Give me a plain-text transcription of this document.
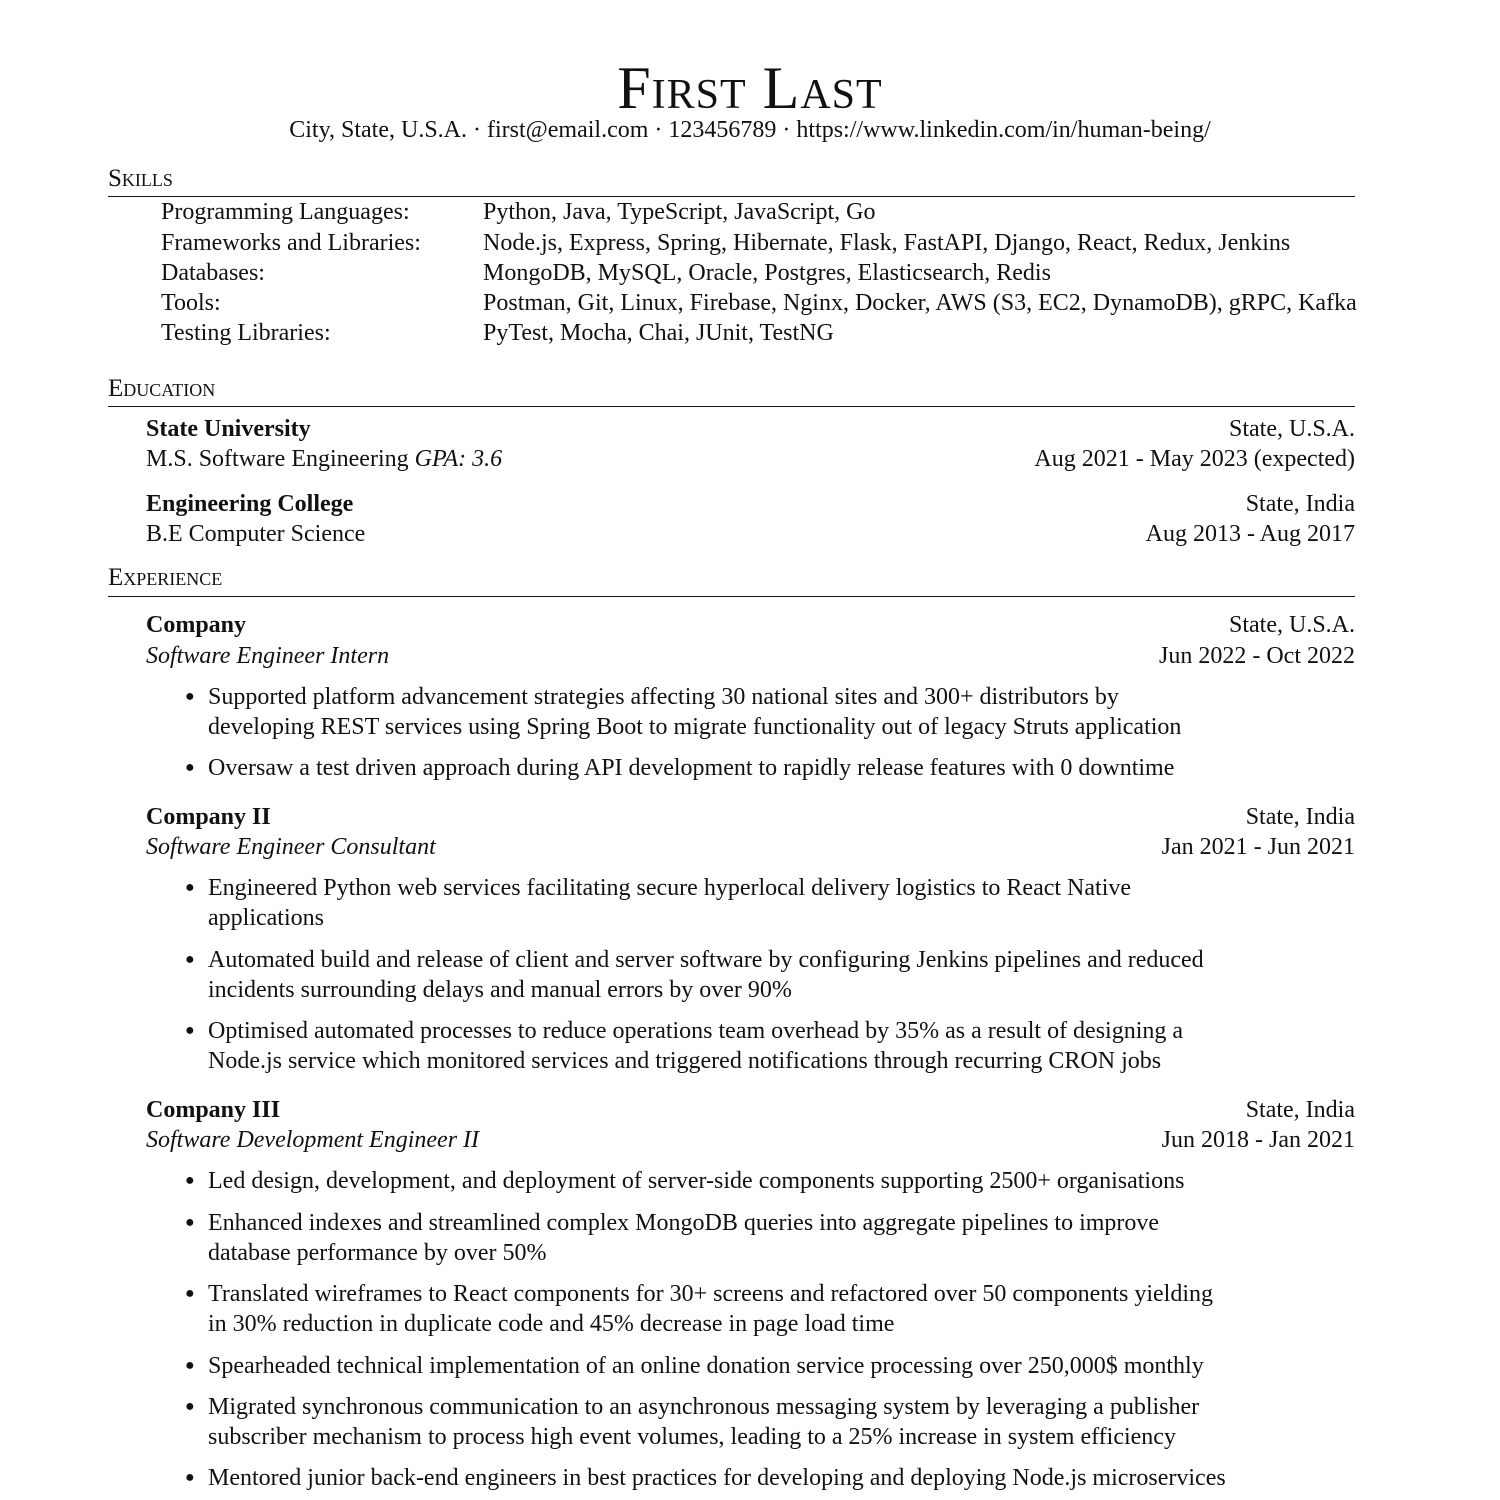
First Last
City, State, U.S.A. · first@email.com · 123456789 · https://www.linkedin.com/in/human-being/
Skills
Programming Languages:	Python, Java, TypeScript, JavaScript, Go
Frameworks and Libraries:	Node.js, Express, Spring, Hibernate, Flask, FastAPI, Django, React, Redux, Jenkins
Databases:	MongoDB, MySQL, Oracle, Postgres, Elasticsearch, Redis
Tools:	Postman, Git, Linux, Firebase, Nginx, Docker, AWS (S3, EC2, DynamoDB), gRPC, Kafka
Testing Libraries:	PyTest, Mocha, Chai, JUnit, TestNG
Education
State University	State, U.S.A.
M.S. Software Engineering GPA: 3.6	Aug 2021 - May 2023 (expected)
Engineering College	State, India
B.E Computer Science	Aug 2013 - Aug 2017
Experience
Company	State, U.S.A.
Software Engineer Intern	Jun 2022 - Oct 2022
● Supported platform advancement strategies affecting 30 national sites and 300+ distributors by
developing REST services using Spring Boot to migrate functionality out of legacy Struts application
● Oversaw a test driven approach during API development to rapidly release features with 0 downtime
Company II	State, India
Software Engineer Consultant	Jan 2021 - Jun 2021
● Engineered Python web services facilitating secure hyperlocal delivery logistics to React Native
applications
● Automated build and release of client and server software by configuring Jenkins pipelines and reduced
incidents surrounding delays and manual errors by over 90%
● Optimised automated processes to reduce operations team overhead by 35% as a result of designing a
Node.js service which monitored services and triggered notifications through recurring CRON jobs
Company III	State, India
Software Development Engineer II	Jun 2018 - Jan 2021
● Led design, development, and deployment of server-side components supporting 2500+ organisations
● Enhanced indexes and streamlined complex MongoDB queries into aggregate pipelines to improve
database performance by over 50%
● Translated wireframes to React components for 30+ screens and refactored over 50 components yielding
in 30% reduction in duplicate code and 45% decrease in page load time
● Spearheaded technical implementation of an online donation service processing over 250,000$ monthly
● Migrated synchronous communication to an asynchronous messaging system by leveraging a publisher
subscriber mechanism to process high event volumes, leading to a 25% increase in system efficiency
● Mentored junior back-end engineers in best practices for developing and deploying Node.js microservices
